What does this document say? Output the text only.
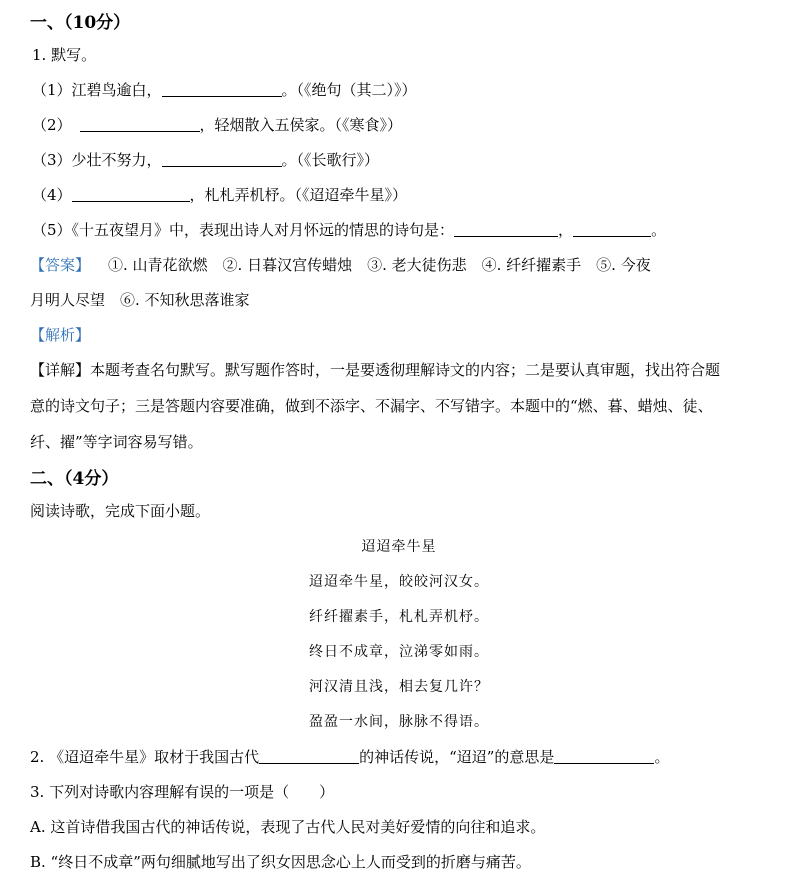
一、（10分）
1. 默写。
（1）江碧鸟逾白，	。（《绝句（其二）》）
（2）	，轻烟散入五侯家。（《寒食》）
（3）少壮不努力，	。（《长歌行》）
（4）	，札札弄机杼。（《迢迢牵牛星》）
（5）《十五夜望月》中，表现出诗人对月怀远的情思的诗句是：	，	。
【答案】 ①. 山青花欲燃　②. 日暮汉宫传蜡烛　③. 老大徒伤悲　④. 纤纤擢素手　⑤. 今夜
月明人尽望　⑥. 不知秋思落谁家
【解析】
【详解】本题考查名句默写。默写题作答时，一是要透彻理解诗文的内容；二是要认真审题，找出符合题
意的诗文句子；三是答题内容要准确，做到不添字、不漏字、不写错字。本题中的“燃、暮、蜡烛、徒、
纤、擢”等字词容易写错。
二、（4分）
阅读诗歌，完成下面小题。
迢迢牵牛星
迢迢牵牛星，皎皎河汉女。
纤纤擢素手，札札弄机杼。
终日不成章，泣涕零如雨。
河汉清且浅，相去复几许？
盈盈一水间，脉脉不得语。
2. 《迢迢牵牛星》取材于我国古代	的神话传说，“迢迢”的意思是	。
3. 下列对诗歌内容理解有误的一项是（　　）
A. 这首诗借我国古代的神话传说，表现了古代人民对美好爱情的向往和追求。
B. “终日不成章”两句细腻地写出了织女因思念心上人而受到的折磨与痛苦。
